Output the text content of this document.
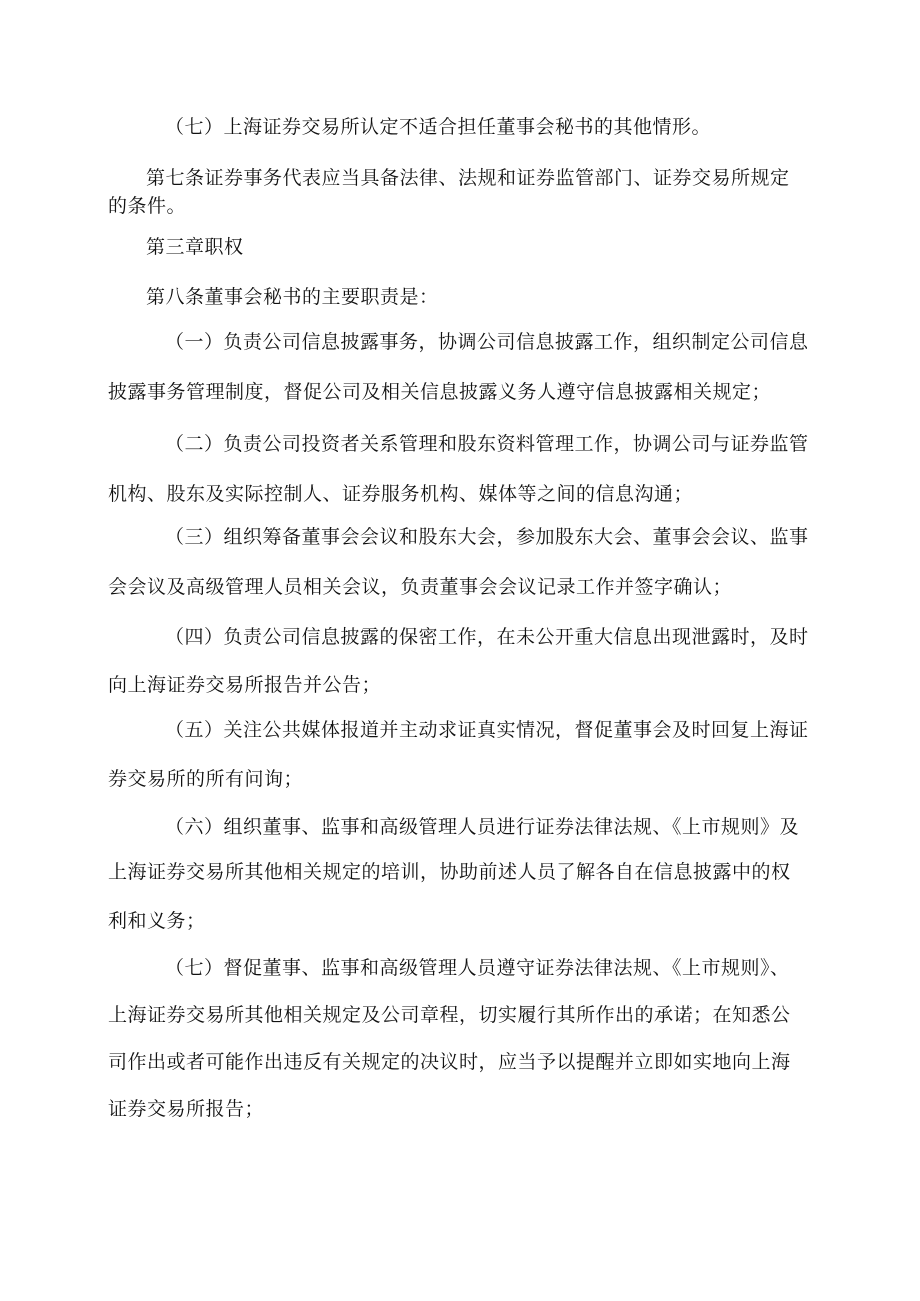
（七）上海证券交易所认定不适合担任董事会秘书的其他情形。
第七条证券事务代表应当具备法律、法规和证券监管部门、证券交易所规定
的条件。
第三章职权
第八条董事会秘书的主要职责是：
（一）负责公司信息披露事务，协调公司信息披露工作，组织制定公司信息
披露事务管理制度，督促公司及相关信息披露义务人遵守信息披露相关规定；
（二）负责公司投资者关系管理和股东资料管理工作，协调公司与证券监管
机构、股东及实际控制人、证券服务机构、媒体等之间的信息沟通；
（三）组织筹备董事会会议和股东大会，参加股东大会、董事会会议、监事
会会议及高级管理人员相关会议，负责董事会会议记录工作并签字确认；
（四）负责公司信息披露的保密工作，在未公开重大信息出现泄露时，及时
向上海证券交易所报告并公告；
（五）关注公共媒体报道并主动求证真实情况，督促董事会及时回复上海证
券交易所的所有问询；
（六）组织董事、监事和高级管理人员进行证券法律法规、《上市规则》及
上海证券交易所其他相关规定的培训，协助前述人员了解各自在信息披露中的权
利和义务；
（七）督促董事、监事和高级管理人员遵守证券法律法规、《上市规则》、
上海证券交易所其他相关规定及公司章程，切实履行其所作出的承诺；在知悉公
司作出或者可能作出违反有关规定的决议时，应当予以提醒并立即如实地向上海
证券交易所报告；
